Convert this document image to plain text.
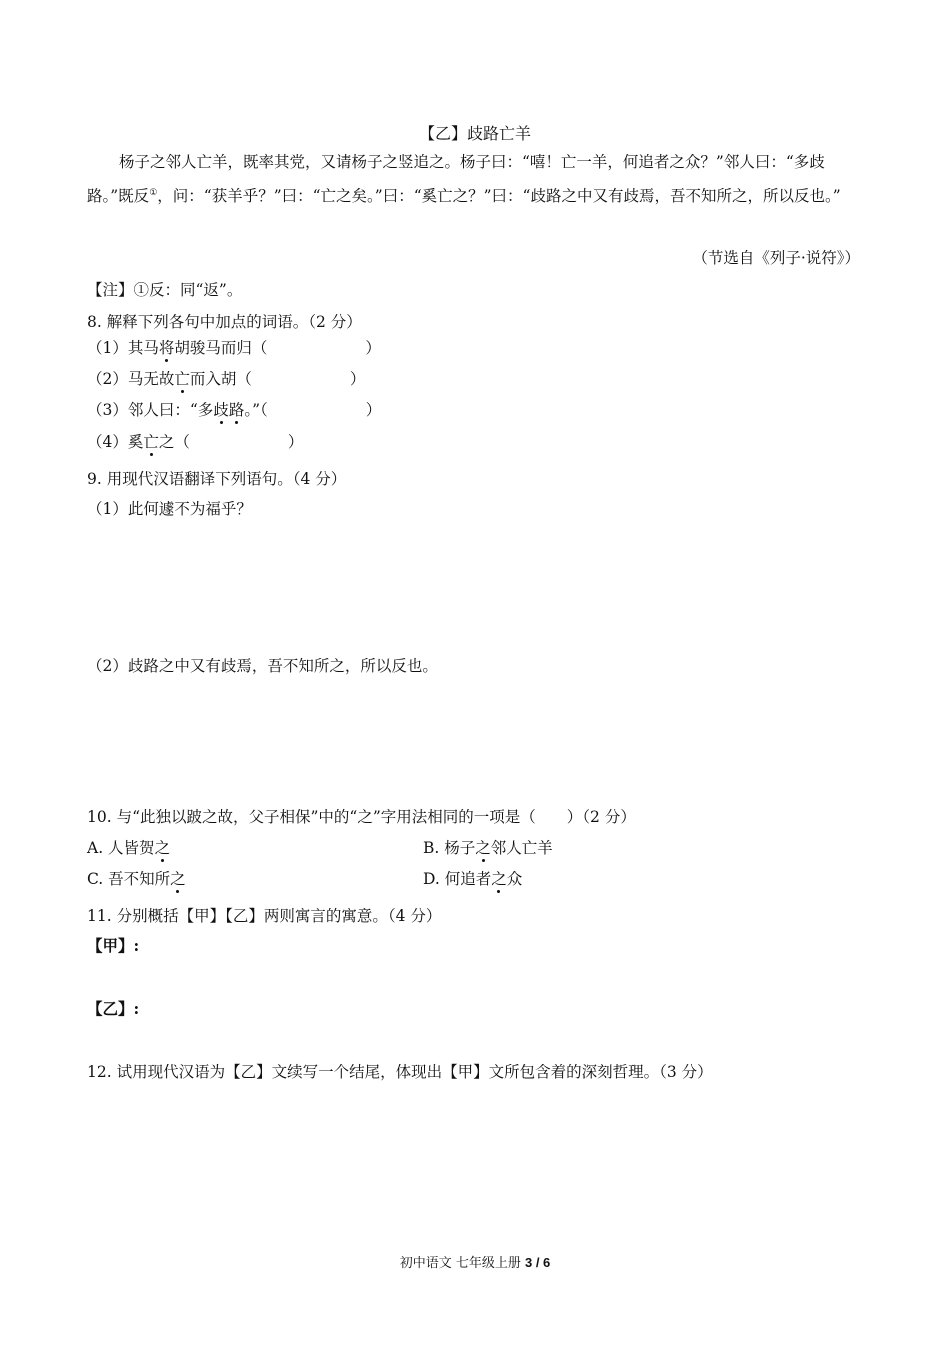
【乙】歧路亡羊
杨子之邻人亡羊，既率其党，又请杨子之竖追之。杨子曰：“嘻！亡一羊，何追者之众？”邻人曰：“多歧路。”既反①，问：“获羊乎？”曰：“亡之矣。”曰：“奚亡之？”曰：“歧路之中又有歧焉，吾不知所之，所以反也。”
（节选自《列子·说符》）
【注】①反：同“返”。
8. 解释下列各句中加点的词语。（2 分）
（1）其马将胡骏马而归（	）
（2）马无故亡而入胡（	）
（3）邻人曰：“多歧路。”（	）
（4）奚亡之（	）
9. 用现代汉语翻译下列语句。（4 分）
（1）此何遽不为福乎？
（2）歧路之中又有歧焉，吾不知所之，所以反也。
10. 与“此独以跛之故，父子相保”中的“之”字用法相同的一项是（　　）（2 分）
A. 人皆贺之	B. 杨子之邻人亡羊
C. 吾不知所之	D. 何追者之众
11. 分别概括【甲】【乙】两则寓言的寓意。（4 分）
【甲】:
【乙】:
12. 试用现代汉语为【乙】文续写一个结尾，体现出【甲】文所包含着的深刻哲理。（3 分）
初中语文 七年级上册 3 / 6
